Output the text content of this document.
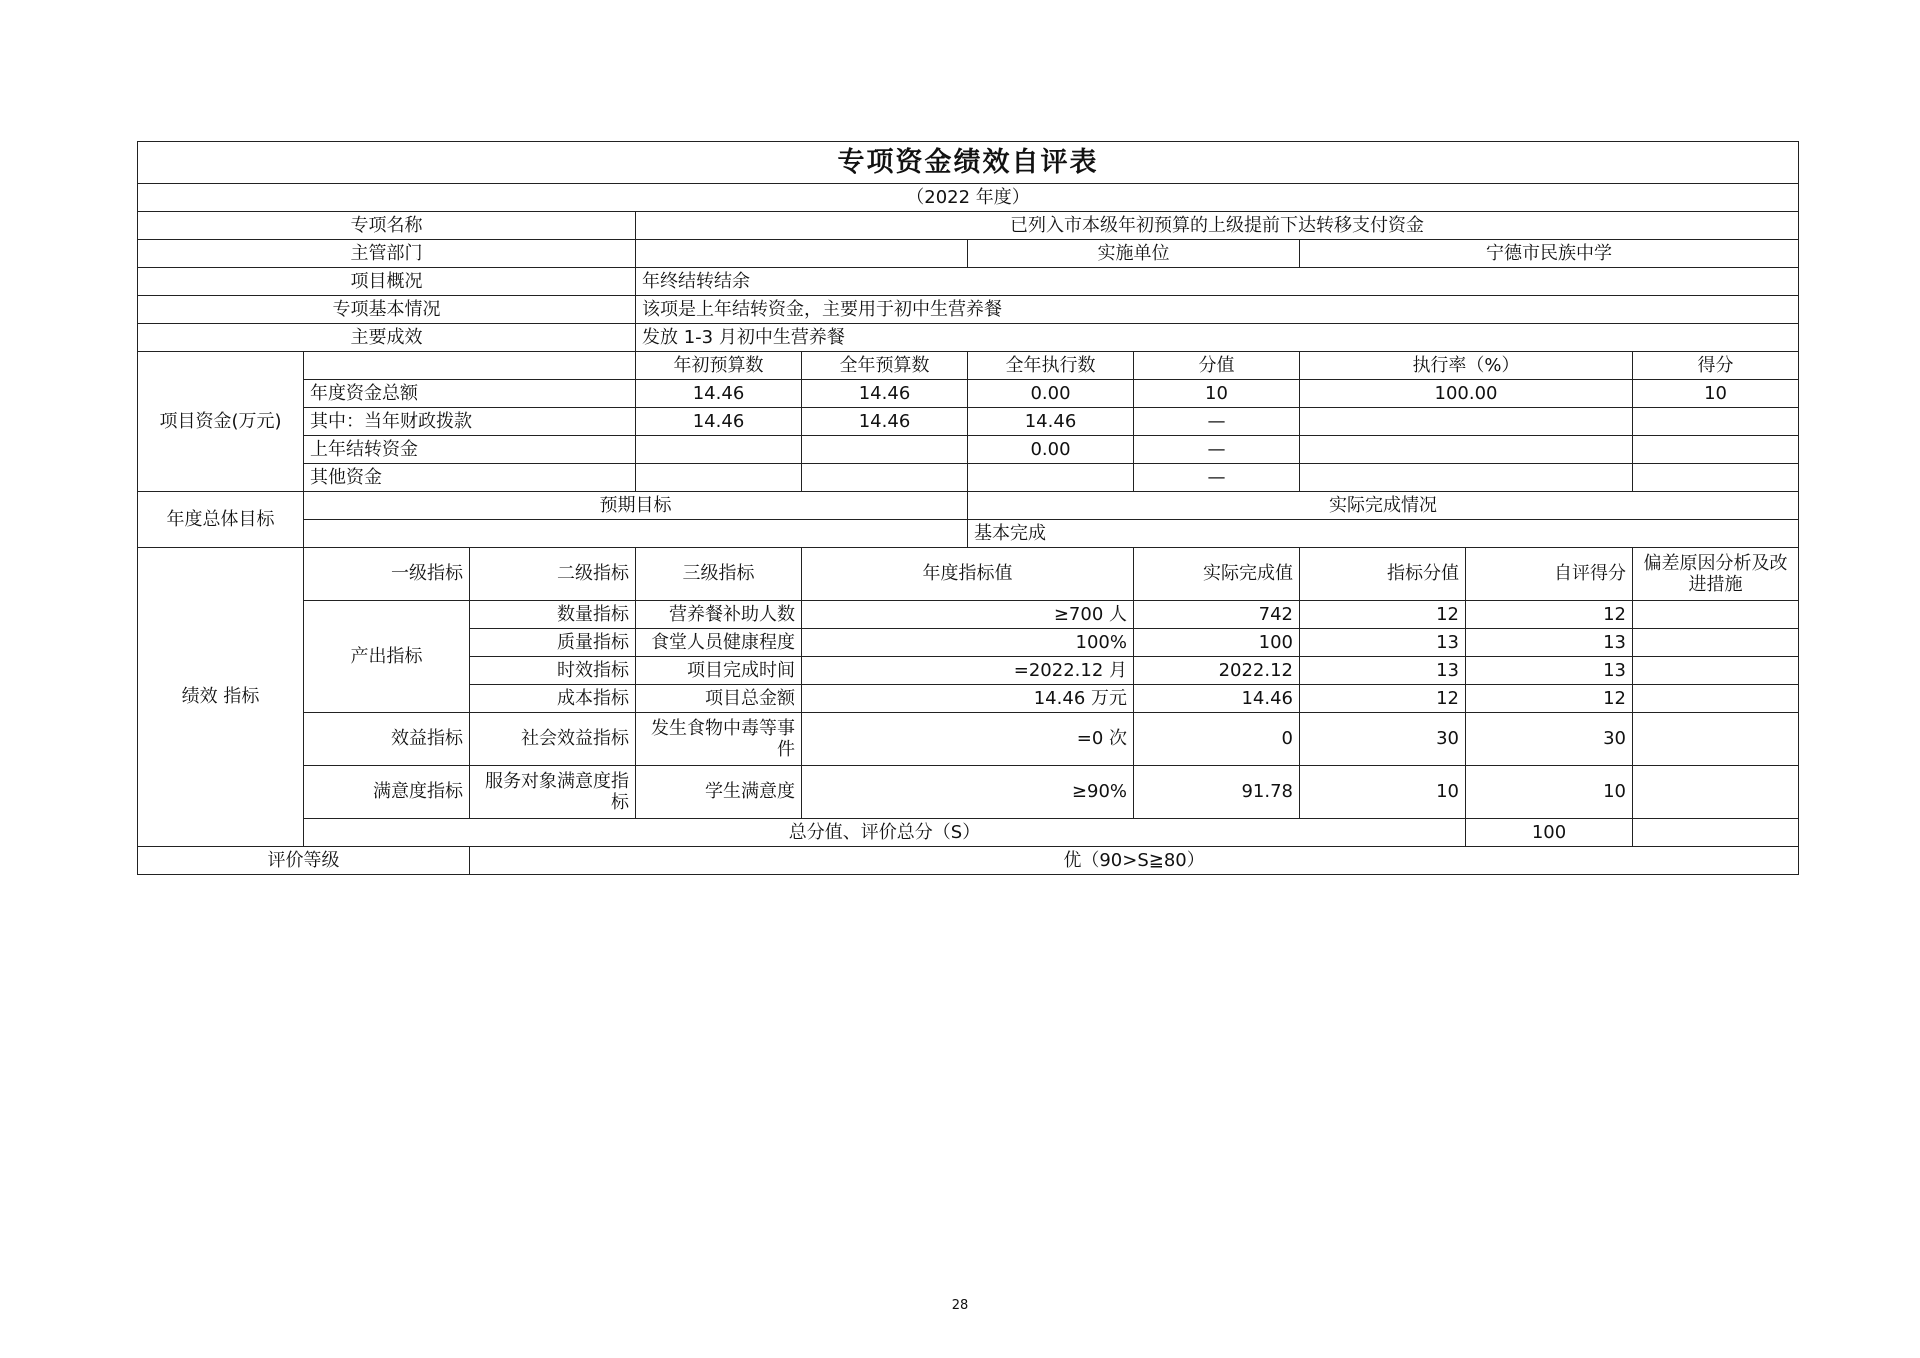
专项资金绩效自评表									
（2022 年度）									
专项名称			已列入市本级年初预算的上级提前下达转移支付资金						
主管部门					实施单位		宁德市民族中学		
项目概况			年终结转结余						
专项基本情况			该项是上年结转资金，主要用于初中生营养餐						
主要成效			发放 1-3 月初中生营养餐						
项目资金(万元)			年初预算数	全年预算数	全年执行数	分值	执行率（%）		得分
	年度资金总额		14.46	14.46	0.00	10	100.00		10
	其中：当年财政拨款		14.46	14.46	14.46	—			
	上年结转资金				0.00	—			
	其他资金					—			
年度总体目标	预期目标				实际完成情况				
					基本完成				
绩效 指标	一级指标	二级指标	三级指标	年度指标值		实际完成值	指标分值	自评得分	偏差原因分析及改进措施
	产出指标	数量指标	营养餐补助人数	≥700 人		742	12	12	
		质量指标	食堂人员健康程度	100%		100	13	13	
		时效指标	项目完成时间	=2022.12 月		2022.12	13	13	
		成本指标	项目总金额	14.46 万元		14.46	12	12	
	效益指标	社会效益指标	发生食物中毒等事件	=0 次		0	30	30	
	满意度指标	服务对象满意度指标	学生满意度	≥90%		91.78	10	10	
	总分值、评价总分（S）							100	
评价等级		优（90>S≧80）							
28
